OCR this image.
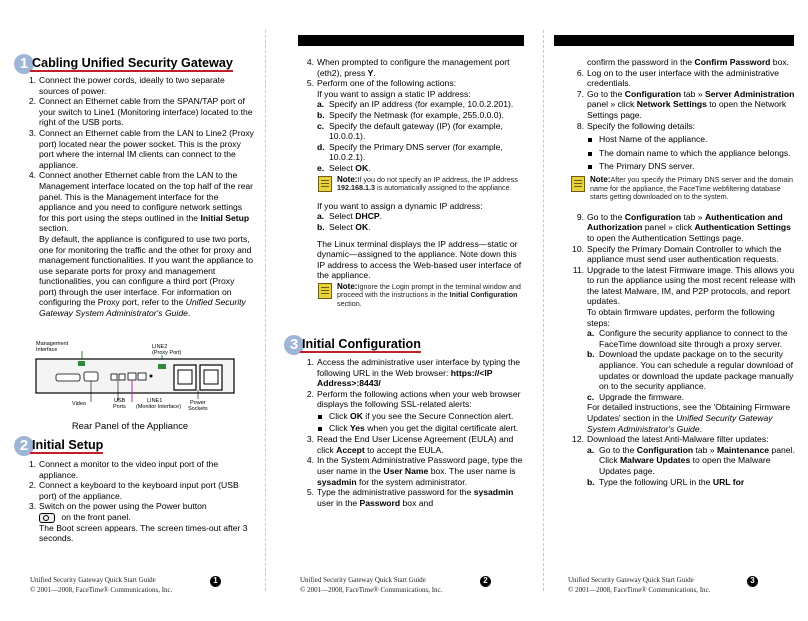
1 Cabling Unified Security Gateway
1. Connect the power cords, ideally to two separate sources of power.
2. Connect an Ethernet cable from the SPAN/TAP port of your switch to Line1 (Monitoring interface) located to the right of the USB ports.
3. Connect an Ethernet cable from the LAN to Line2 (Proxy port) located near the power socket. This is the proxy port where the internal IM clients can connect to the appliance.
4. Connect another Ethernet cable from the LAN to the Management interface located on the top half of the rear panel. This is the Management interface for the appliance and you need to configure network settings for this port using the steps outlined in the Initial Setup section.
By default, the appliance is configured to use two ports, one for monitoring the traffic and the other for proxy and management functionalities. If you want the appliance to use separate ports for proxy and management functionalities, you can configure a third port (Proxy port) through the user interface. For information on configuring the Proxy port, refer to the Unified Security Gateway System Administrator's Guide.
Management
Interface	LINE2
(Proxy Port)
Video	USB
Ports
LINE1
(Monitor Interface)
Power
Sockets
Rear Panel of the Appliance
2 Initial Setup
1. Connect a monitor to the video input port of the appliance.
2. Connect a keyboard to the keyboard input port (USB port) of the appliance.
3. Switch on the power using the Power button

on the front panel.
The Boot screen appears. The screen times-out after 3 seconds.
Unified Security Gateway Quick Start Guide
© 2001—2008, FaceTime® Communications, Inc.
1
4. When prompted to configure the management port (eth2), press Y.
5. Perform one of the following actions:
If you want to assign a static IP address:
a. Specify an IP address (for example, 10.0.2.201).
b. Specify the Netmask (for example, 255.0.0.0).
c. Specify the default gateway (IP) (for example, 10.0.0.1).
d. Specify the Primary DNS server (for example, 10.0.2.1).
e. Select OK.
Note:If you do not specify an IP address, the IP address 192.168.1.3 is automatically assigned to the appliance.
If you want to assign a dynamic IP address:
a. Select DHCP.
b. Select OK.
The Linux terminal displays the IP address—static or dynamic—assigned to the appliance. Note down this IP address to access the Web-based user interface of the appliance.
Note:Ignore the Login prompt in the terminal window and proceed with the instructions in the Initial Configuration section.
3 Initial Configuration
1. Access the administrative user interface by typing the following URL in the Web browser: https://<IP Address>:8443/
2. Perform the following actions when your web browser displays the following SSL-related alerts:
Click OK if you see the Secure Connection alert.
Click Yes when you get the digital certificate alert.
3. Read the End User License Agreement (EULA) and click Accept to accept the EULA.
4. In the System Administrative Password page, type the user name in the User Name box. The user name is sysadmin for the system administrator.
5. Type the administrative password for the sysadmin user in the Password box and
Unified Security Gateway Quick Start Guide
© 2001—2008, FaceTime® Communications, Inc.
2
confirm the password in the Confirm Password box.
6. Log on to the user interface with the administrative credentials.
7. Go to the Configuration tab » Server Administration panel » click Network Settings to open the Network Settings page.
8. Specify the following details:
Host Name of the appliance.
The domain name to which the appliance belongs.
The Primary DNS server.
Note:After you specify the Primary DNS server and the domain name for the appliance, the FaceTime webfiltering database starts getting downloaded on to the system.
9. Go to the Configuration tab » Authentication and Authorization panel » click Authentication Settings to open the Authentication Settings page.
10. Specify the Primary Domain Controller to which the appliance must send user authentication requests.
11. Upgrade to the latest Firmware image. This allows you to run the appliance using the most recent release with the latest Malware, IM, and P2P protocols, and report updates.
To obtain firmware updates, perform the following steps:
a. Configure the security appliance to connect to the FaceTime download site through a proxy server.
b. Download the update package on to the security appliance. You can schedule a regular download of updates or download the update package manually on to the security appliance.
c. Upgrade the firmware.
For detailed instructions, see the 'Obtaining Firmware Updates' section in the Unified Security Gateway System Administrator's Guide.
12. Download the latest Anti-Malware filter updates:
a. Go to the Configuration tab » Maintenance panel. Click Malware Updates to open the Malware Updates page.
b. Type the following URL in the URL for
Unified Security Gateway Quick Start Guide
© 2001—2008, FaceTime® Communications, Inc.
3
